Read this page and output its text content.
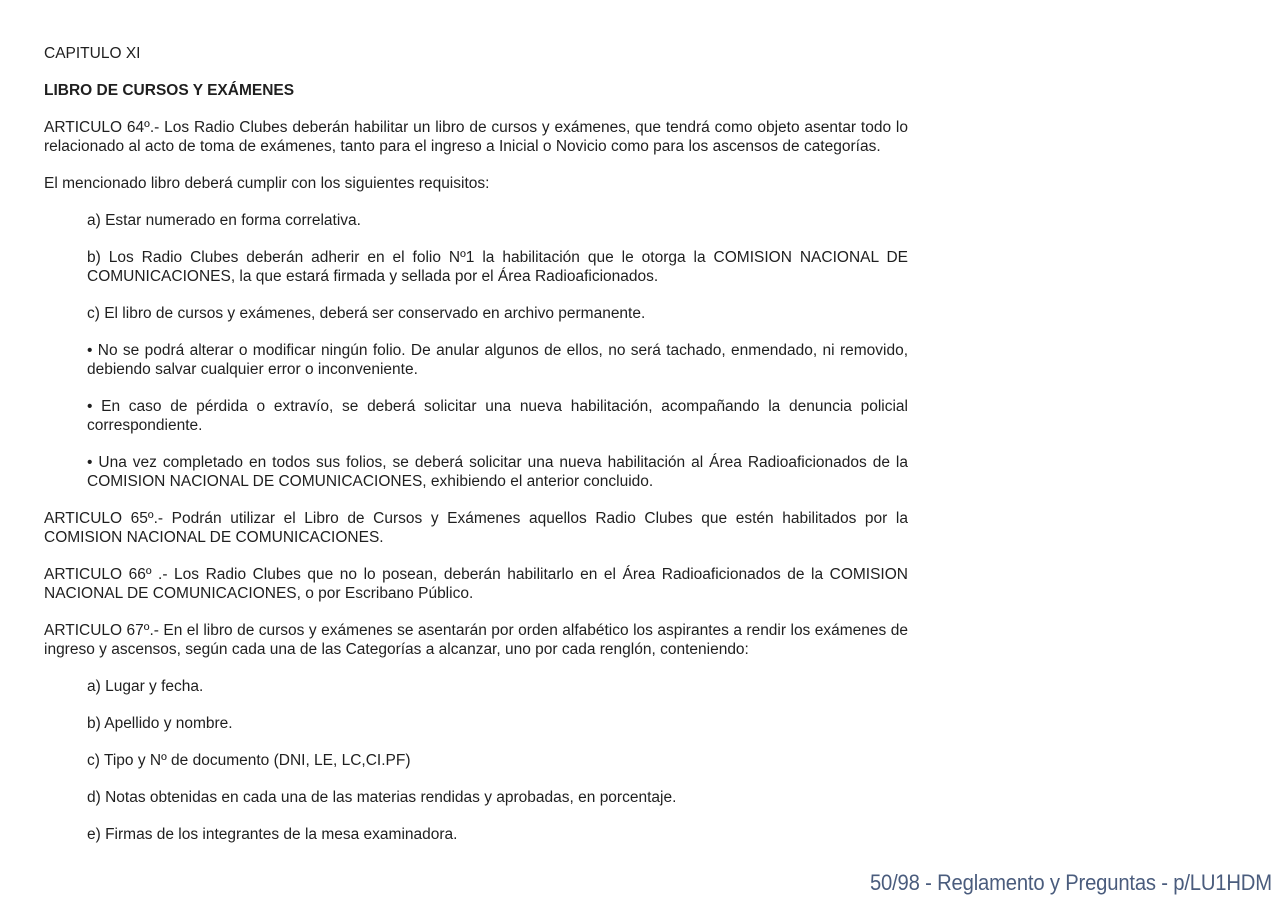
CAPITULO XI

LIBRO DE CURSOS Y EXÁMENES

ARTICULO 64º.- Los Radio Clubes deberán habilitar un libro de cursos y exámenes, que tendrá como objeto asentar todo lo relacionado al acto de toma de exámenes, tanto para el ingreso a Inicial o Novicio como para los ascensos de categorías.

El mencionado libro deberá cumplir con los siguientes requisitos:

a) Estar numerado en forma correlativa.

b) Los Radio Clubes deberán adherir en el folio Nº1 la habilitación que le otorga la COMISION NACIONAL DE COMUNICACIONES, la que estará firmada y sellada por el Área Radioaficionados.

c) El libro de cursos y exámenes, deberá ser conservado en archivo permanente.

• No se podrá alterar o modificar ningún folio. De anular algunos de ellos, no será tachado, enmendado, ni removido, debiendo salvar cualquier error o inconveniente.

• En caso de pérdida o extravío, se deberá solicitar una nueva habilitación, acompañando la denuncia policial correspondiente.

• Una vez completado en todos sus folios, se deberá solicitar una nueva habilitación al Área Radioaficionados de la COMISION NACIONAL DE COMUNICACIONES, exhibiendo el anterior concluido.

ARTICULO 65º.- Podrán utilizar el Libro de Cursos y Exámenes aquellos Radio Clubes que estén habilitados por la COMISION NACIONAL DE COMUNICACIONES.

ARTICULO 66º .- Los Radio Clubes que no lo posean, deberán habilitarlo en el Área Radioaficionados de la COMISION NACIONAL DE COMUNICACIONES, o por Escribano Público.

ARTICULO 67º.- En el libro de cursos y exámenes se asentarán por orden alfabético los aspirantes a rendir los exámenes de ingreso y ascensos, según cada una de las Categorías a alcanzar, uno por cada renglón, conteniendo:

a) Lugar y fecha.

b) Apellido y nombre.

c) Tipo y Nº de documento (DNI, LE, LC,CI.PF)

d) Notas obtenidas en cada una de las materias rendidas y aprobadas, en porcentaje.

e) Firmas de los integrantes de la mesa examinadora.

50/98 - Reglamento y Preguntas - p/LU1HDM
